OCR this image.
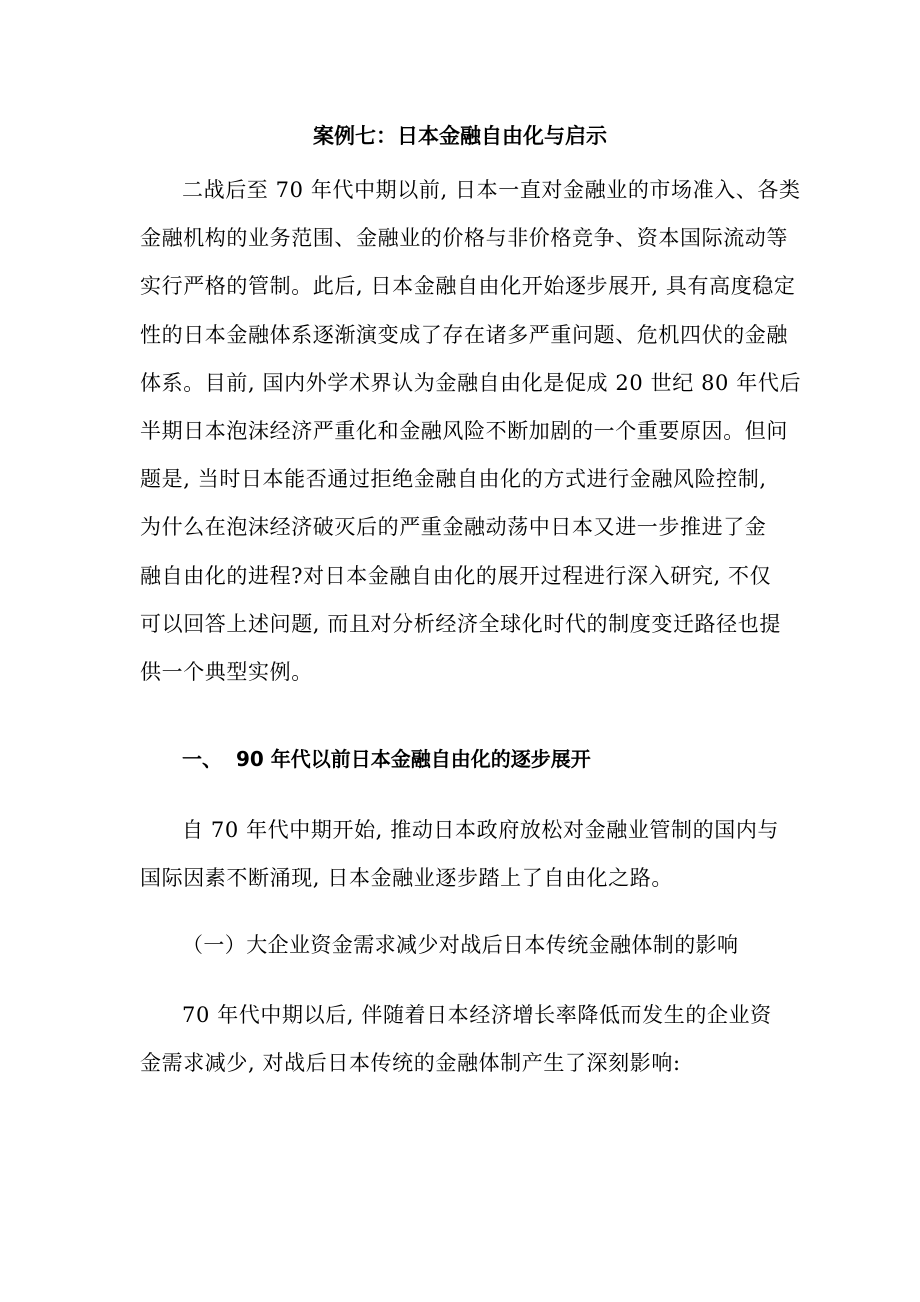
案例七：日本金融自由化与启示
二战后至 70 年代中期以前, 日本一直对金融业的市场准入、各类
金融机构的业务范围、金融业的价格与非价格竞争、资本国际流动等
实行严格的管制。此后, 日本金融自由化开始逐步展开, 具有高度稳定
性的日本金融体系逐渐演变成了存在诸多严重问题、危机四伏的金融
体系。目前, 国内外学术界认为金融自由化是促成 20 世纪 80 年代后
半期日本泡沫经济严重化和金融风险不断加剧的一个重要原因。但问
题是, 当时日本能否通过拒绝金融自由化的方式进行金融风险控制,
为什么在泡沫经济破灭后的严重金融动荡中日本又进一步推进了金
融自由化的进程?对日本金融自由化的展开过程进行深入研究, 不仅
可以回答上述问题, 而且对分析经济全球化时代的制度变迁路径也提
供一个典型实例。
一、 90 年代以前日本金融自由化的逐步展开
自 70 年代中期开始, 推动日本政府放松对金融业管制的国内与
国际因素不断涌现, 日本金融业逐步踏上了自由化之路。
（一）大企业资金需求减少对战后日本传统金融体制的影响
70 年代中期以后, 伴随着日本经济增长率降低而发生的企业资
金需求减少, 对战后日本传统的金融体制产生了深刻影响:
